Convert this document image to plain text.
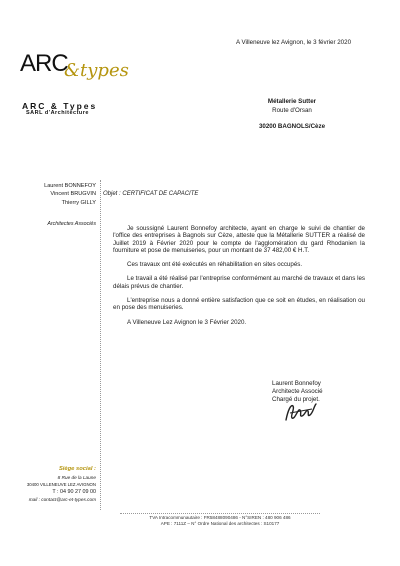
ARC
&types
ARC & Types
SARL d'Architecture
A Villeneuve lez Avignon, le 3 février 2020
Métallerie Sutter
Route d'Orsan
30200 BAGNOLS/Cèze
Laurent BONNEFOY
Vincent BRUGVIN
Thierry GILLY
Architectes Associés
Objet : CERTIFICAT DE CAPACITE

Je soussigné Laurent Bonnefoy architecte, ayant en charge le suivi de chantier de l'office des entreprises à Bagnols sur Cèze, atteste que la Métallerie SUTTER a réalisé de Juillet 2019 à Février 2020 pour le compte de l'agglomération du gard Rhodanien la fourniture et pose de menuiseries, pour un montant de 37 482,00 € H.T.

Ces travaux ont été exécutés en réhabilitation en sites occupés.

Le travail a été réalisé par l'entreprise conformément au marché de travaux et dans les délais prévus de chantier.

L'entreprise nous a donné entière satisfaction que ce soit en études, en réalisation ou en pose des menuiseries.

A Villeneuve Lez Avignon le 3 Février 2020.

Laurent Bonnefoy
Architecte Associé
Chargé du projet.
Siège social :
8 Rue de la Laune
30400 VILLENEUVE LEZ AVIGNON
T : 04 90 27 09 00
mail : contact@arc-et-types.com
TVA Intracommunautaire : FR58488090486 - N°SIREN : 480 906 486
APE : 7111Z – N° Ordre National des architectes : S10177
